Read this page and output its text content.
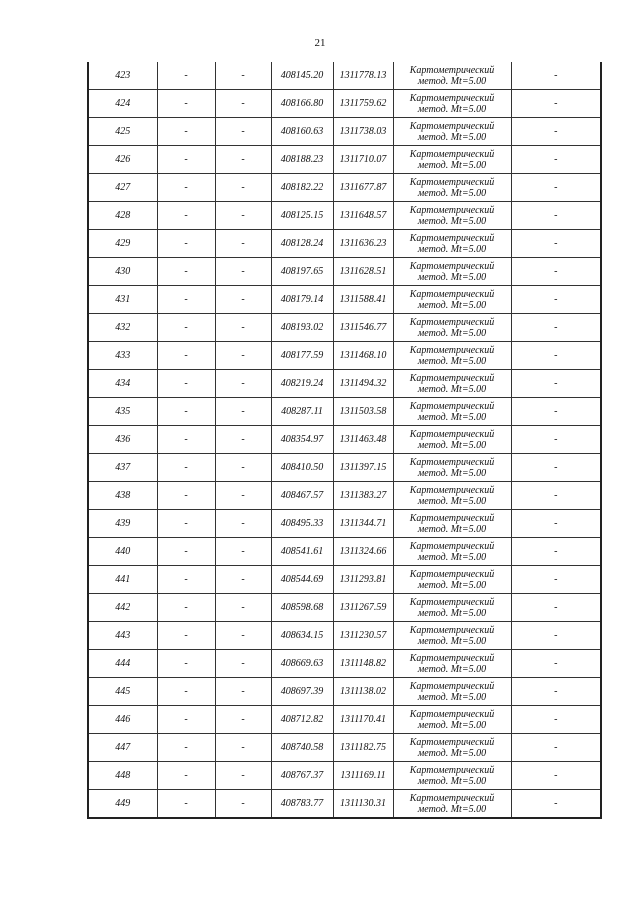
21
423	-	-	408145.20	1311778.13	Картометрический
метод. Мt=5.00	-
424	-	-	408166.80	1311759.62	Картометрический
метод. Мt=5.00	-
425	-	-	408160.63	1311738.03	Картометрический
метод. Мt=5.00	-
426	-	-	408188.23	1311710.07	Картометрический
метод. Мt=5.00	-
427	-	-	408182.22	1311677.87	Картометрический
метод. Мt=5.00	-
428	-	-	408125.15	1311648.57	Картометрический
метод. Мt=5.00	-
429	-	-	408128.24	1311636.23	Картометрический
метод. Мt=5.00	-
430	-	-	408197.65	1311628.51	Картометрический
метод. Мt=5.00	-
431	-	-	408179.14	1311588.41	Картометрический
метод. Мt=5.00	-
432	-	-	408193.02	1311546.77	Картометрический
метод. Мt=5.00	-
433	-	-	408177.59	1311468.10	Картометрический
метод. Мt=5.00	-
434	-	-	408219.24	1311494.32	Картометрический
метод. Мt=5.00	-
435	-	-	408287.11	1311503.58	Картометрический
метод. Мt=5.00	-
436	-	-	408354.97	1311463.48	Картометрический
метод. Мt=5.00	-
437	-	-	408410.50	1311397.15	Картометрический
метод. Мt=5.00	-
438	-	-	408467.57	1311383.27	Картометрический
метод. Мt=5.00	-
439	-	-	408495.33	1311344.71	Картометрический
метод. Мt=5.00	-
440	-	-	408541.61	1311324.66	Картометрический
метод. Мt=5.00	-
441	-	-	408544.69	1311293.81	Картометрический
метод. Мt=5.00	-
442	-	-	408598.68	1311267.59	Картометрический
метод. Мt=5.00	-
443	-	-	408634.15	1311230.57	Картометрический
метод. Мt=5.00	-
444	-	-	408669.63	1311148.82	Картометрический
метод. Мt=5.00	-
445	-	-	408697.39	1311138.02	Картометрический
метод. Мt=5.00	-
446	-	-	408712.82	1311170.41	Картометрический
метод. Мt=5.00	-
447	-	-	408740.58	1311182.75	Картометрический
метод. Мt=5.00	-
448	-	-	408767.37	1311169.11	Картометрический
метод. Мt=5.00	-
449	-	-	408783.77	1311130.31	Картометрический
метод. Мt=5.00	-
